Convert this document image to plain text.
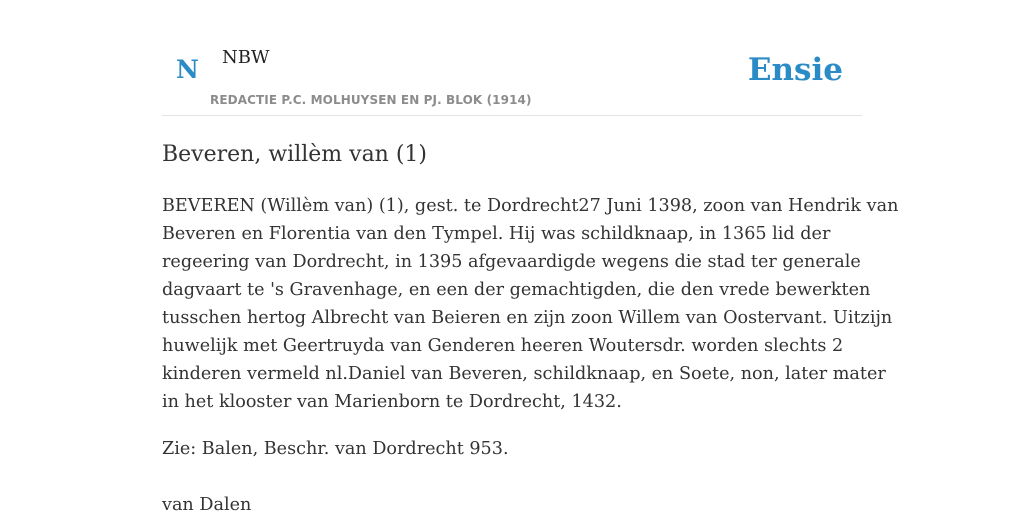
N NBW
REDACTIE P.C. MOLHUYSEN EN PJ. BLOK (1914)
Ensie
Beveren, willèm van (1)

BEVEREN (Willèm van) (1), gest. te Dordrecht27 Juni 1398, zoon van Hendrik van
Beveren en Florentia van den Tympel. Hij was schildknaap, in 1365 lid der
regeering van Dordrecht, in 1395 afgevaardigde wegens die stad ter generale
dagvaart te 's Gravenhage, en een der gemachtigden, die den vrede bewerkten
tusschen hertog Albrecht van Beieren en zijn zoon Willem van Oostervant. Uitzijn
huwelijk met Geertruyda van Genderen heeren Woutersdr. worden slechts 2
kinderen vermeld nl.Daniel van Beveren, schildknaap, en Soete, non, later mater
in het klooster van Marienborn te Dordrecht, 1432.

Zie: Balen, Beschr. van Dordrecht 953.

van Dalen
